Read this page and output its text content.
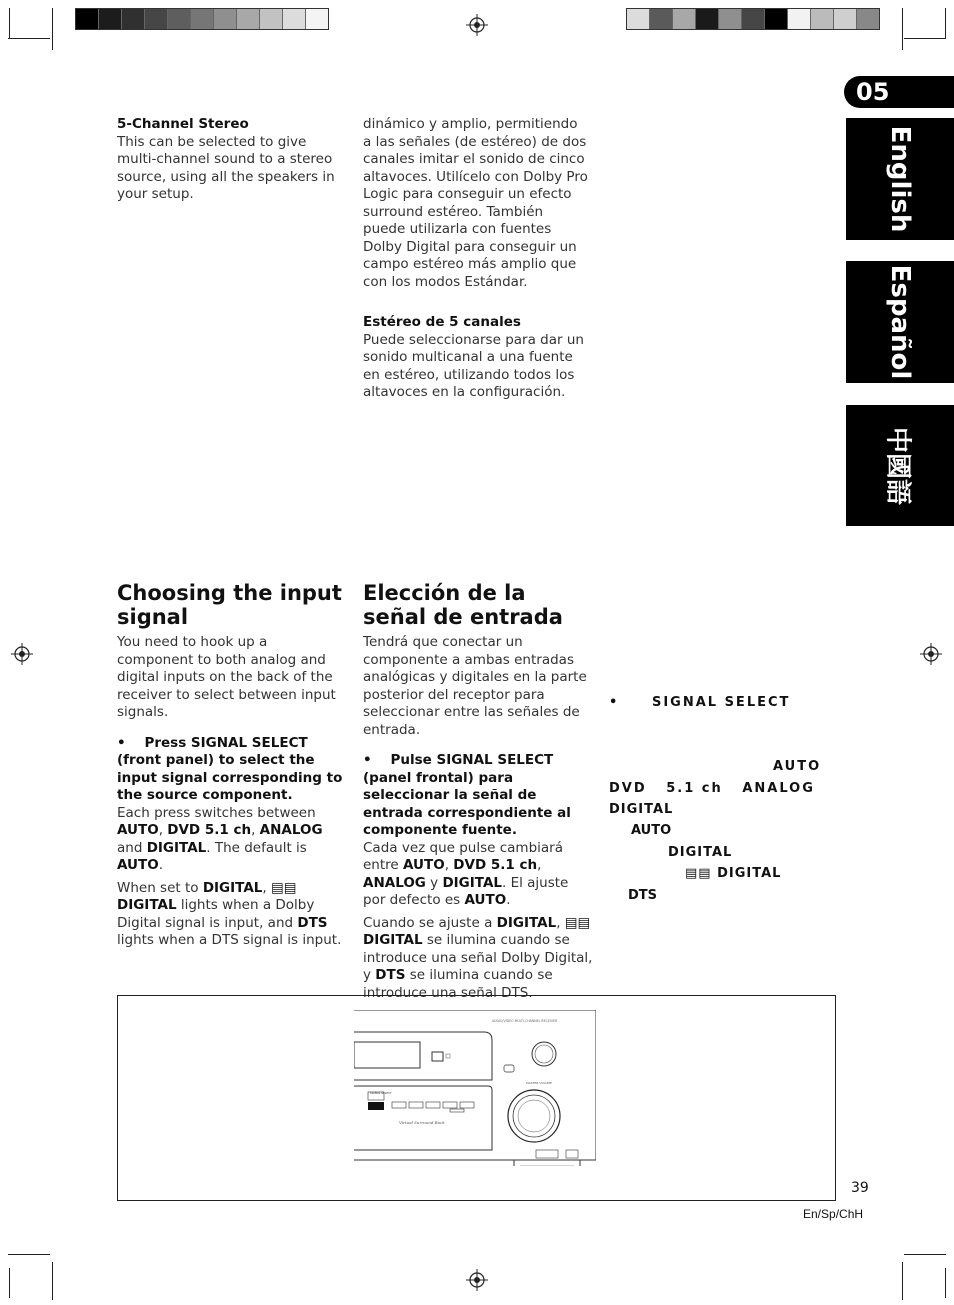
05
English
Español
中國語

5-Channel Stereo

This can be selected to give multi-channel sound to a stereo source, using all the speakers in your setup.

dinámico y amplio, permitiendo a las señales (de estéreo) de dos canales imitar el sonido de cinco altavoces. Utilícelo con Dolby Pro Logic para conseguir un efecto surround estéreo. También puede utilizarla con fuentes Dolby Digital para conseguir un campo estéreo más amplio que con los modos Estándar.

Estéreo de 5 canales

Puede seleccionarse para dar un sonido multicanal a una fuente en estéreo, utilizando todos los altavoces en la configuración.

Choosing the input signal

You need to hook up a component to both analog and digital inputs on the back of the receiver to select between input signals.

• Press SIGNAL SELECT (front panel) to select the input signal corresponding to the source component.

Each press switches between AUTO, DVD 5.1 ch, ANALOG and DIGITAL. The default is AUTO.

When set to DIGITAL, ▤▤ DIGITAL lights when a Dolby Digital signal is input, and DTS lights when a DTS signal is input.

Elección de la señal de entrada

Tendrá que conectar un componente a ambas entradas analógicas y digitales en la parte posterior del receptor para seleccionar entre las señales de entrada.

• Pulse SIGNAL SELECT (panel frontal) para seleccionar la señal de entrada correspondiente al componente fuente.

Cada vez que pulse cambiará entre AUTO, DVD 5.1 ch, ANALOG y DIGITAL. El ajuste por defecto es AUTO.

Cuando se ajuste a DIGITAL, ▤▤ DIGITAL se ilumina cuando se introduce una señal Dolby Digital, y DTS se ilumina cuando se introduce una señal DTS.

•	SIGNAL SELECT
AUTO
DVD 5.1 ch ANALOG
DIGITAL
AUTO
DIGITAL
▤▤ DIGITAL
DTS
AUDIO/VIDEO MULTI-CHANNEL RECEIVER
SIGNAL SELECT
Virtual Surround Back
MASTER VOLUME
39
En/Sp/ChH
